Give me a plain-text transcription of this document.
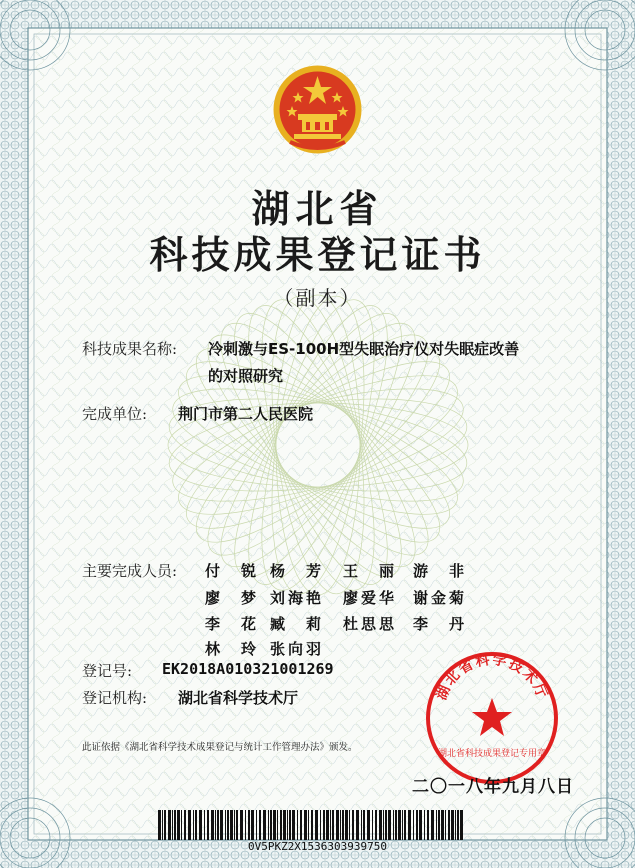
湖北省
科技成果登记证书
（副本）
科技成果名称: 冷刺激与ES-100H型失眠治疗仪对失眠症改善
的对照研究
完成单位: 荆门市第二人民医院
主要完成人员: 付　锐 杨　芳 王　丽 游　非
廖　梦 刘海艳 廖爱华 谢金菊
李　花 臧　莉 杜思思 李　丹
林　玲 张向羽
登记号: EK2018A01032100126​9
登记机构: 湖北省科学技术厅
此证依据《湖北省科学技术成果登记与统计工作管理办法》颁发。
湖北省科学技术厅
湖北省科技成果登记专用章
二〇一八年九月八日
0V5PKZ2X1536303939750
